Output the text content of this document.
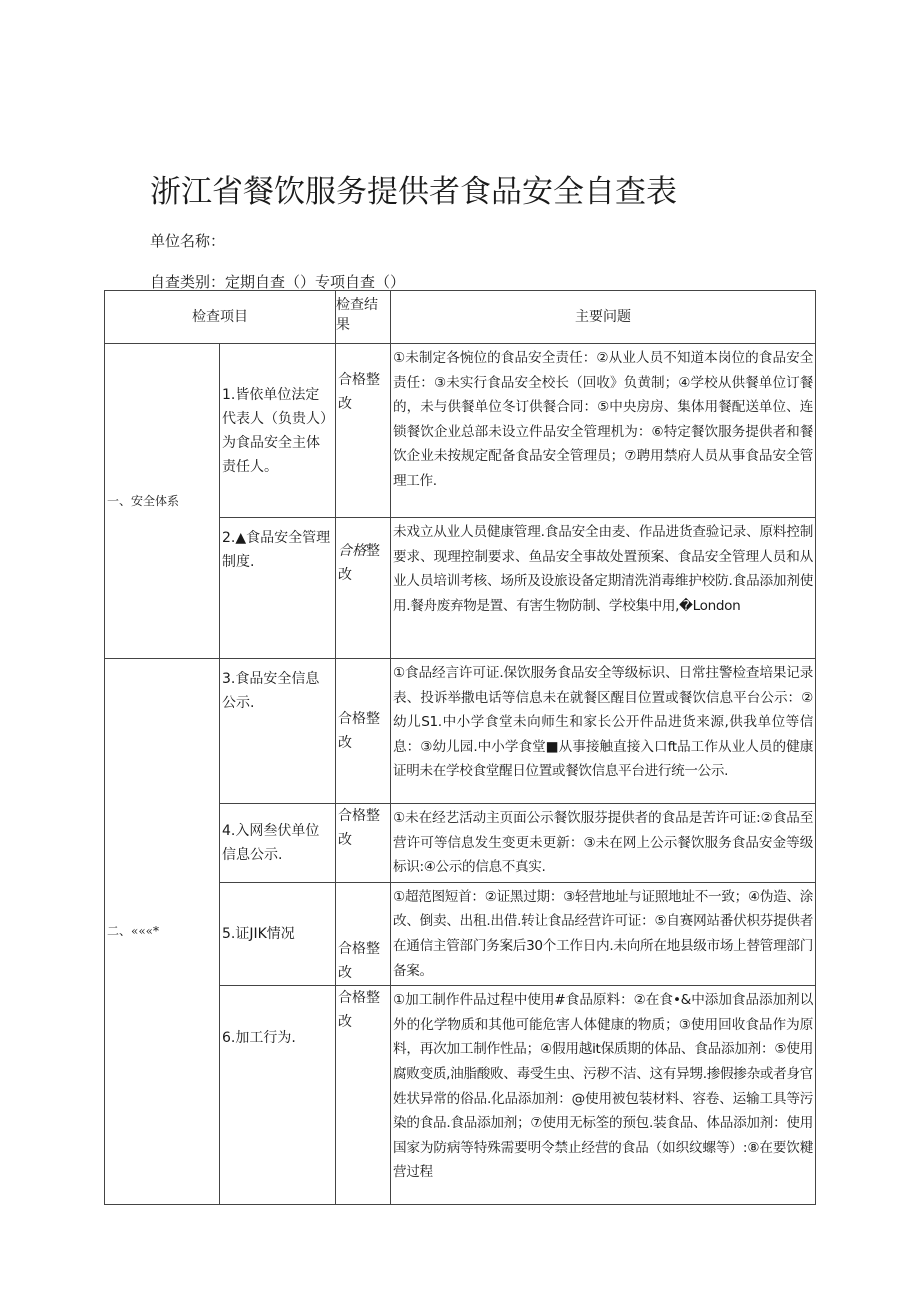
浙江省餐饮服务提供者食品安全自查表
单位名称：
自查类别：定期自查（）专项自查（）
检查项目		检查结果	主要问题
一、安全体系	1.皆依单位法定代表人（负贵人）为食品安全主体责任人。	合格整改	①未制定各惋位的食品安全责任：②从业人员不知道本岗位的食品安全责任：③未实行食品安全校长（回收》负黄制；④学校从供餐单位订餐的，未与供餐单位冬订供餐合同：⑤中央房房、集体用餐配送单位、连锁餐饮企业总部未设立件品安全管理机为：⑥特定餐饮服务提供者和餐饮企业未按规定配备食品安全管理员；⑦聘用禁府人员从事食品安全管理工作.
	2.▲食品安全管理制度.	合格整改	未戏立从业人员健康管理.食品安全由麦、作品进货查验记录、原料控制要求、现理控制要求、鱼品安全事故处置预案、食品安全管理人员和从业人员培训考核、场所及设旅设备定期清洗消毒维护校防.食品添加剂使用.餐舟废弃物是置、有害生物防制、学校集中用,�London
二、«««*	3.食品安全信息公示.	合格整改	①食品经言许可证.保饮服务食品安全等级标识、日常拄警检查培果记录表、投诉举撒电话等信息未在就餐区醒目位置或餐饮信息平台公示：②幼儿S1.中小学食堂未向师生和家长公开件品进货来源,供我单位等信息：③幼儿园.中小学食堂■从事接触直接入口ft品工作从业人员的健康证明未在学校食堂醒日位置或餐饮信息平台进行统一公示.
	4.入网叁伏单位信息公示.	合格整改	①未在经艺活动主页面公示餐饮服芬提供者的食品是苦许可证:②食品至营许可等信息发生变更未更新：③未在网上公示餐饮服务食品安金等级标识:④公示的信息不真实.
	5.证JIK情况	合格整改	①超范图短首：②证黑过期：③轻营地址与证照地址不一致；④伪造、涂改、倒卖、出租.出借.转让食品经营许可证：⑤自赛网站番伏枳芬提供者在通信主管部门务案后30个工作日内.未向所在地县级市场上替管理部门备案。
	6.加工行为.	合格整改	①加工制作件品过程中使用#食品原料：②在食•&中添加食品添加剂以外的化学物质和其他可能危害人体健康的物质；③使用回收食品作为原料，再次加工制作性品；④假用越it保质期的体品、食品添加剂：⑤使用腐败变质,油脂酸败、毒受生虫、污秽不洁、这有异甥.掺假掺杂或者身官姓状异常的俗品.化品添加剂：@使用被包装材料、容卷、运输工具等污染的食品.食品添加剂；⑦使用无标筌的预包.装食品、体品添加剂：使用国家为防病等特殊需要明令禁止经营的食品（如织纹螺等）:⑧在要饮䊕营过程
